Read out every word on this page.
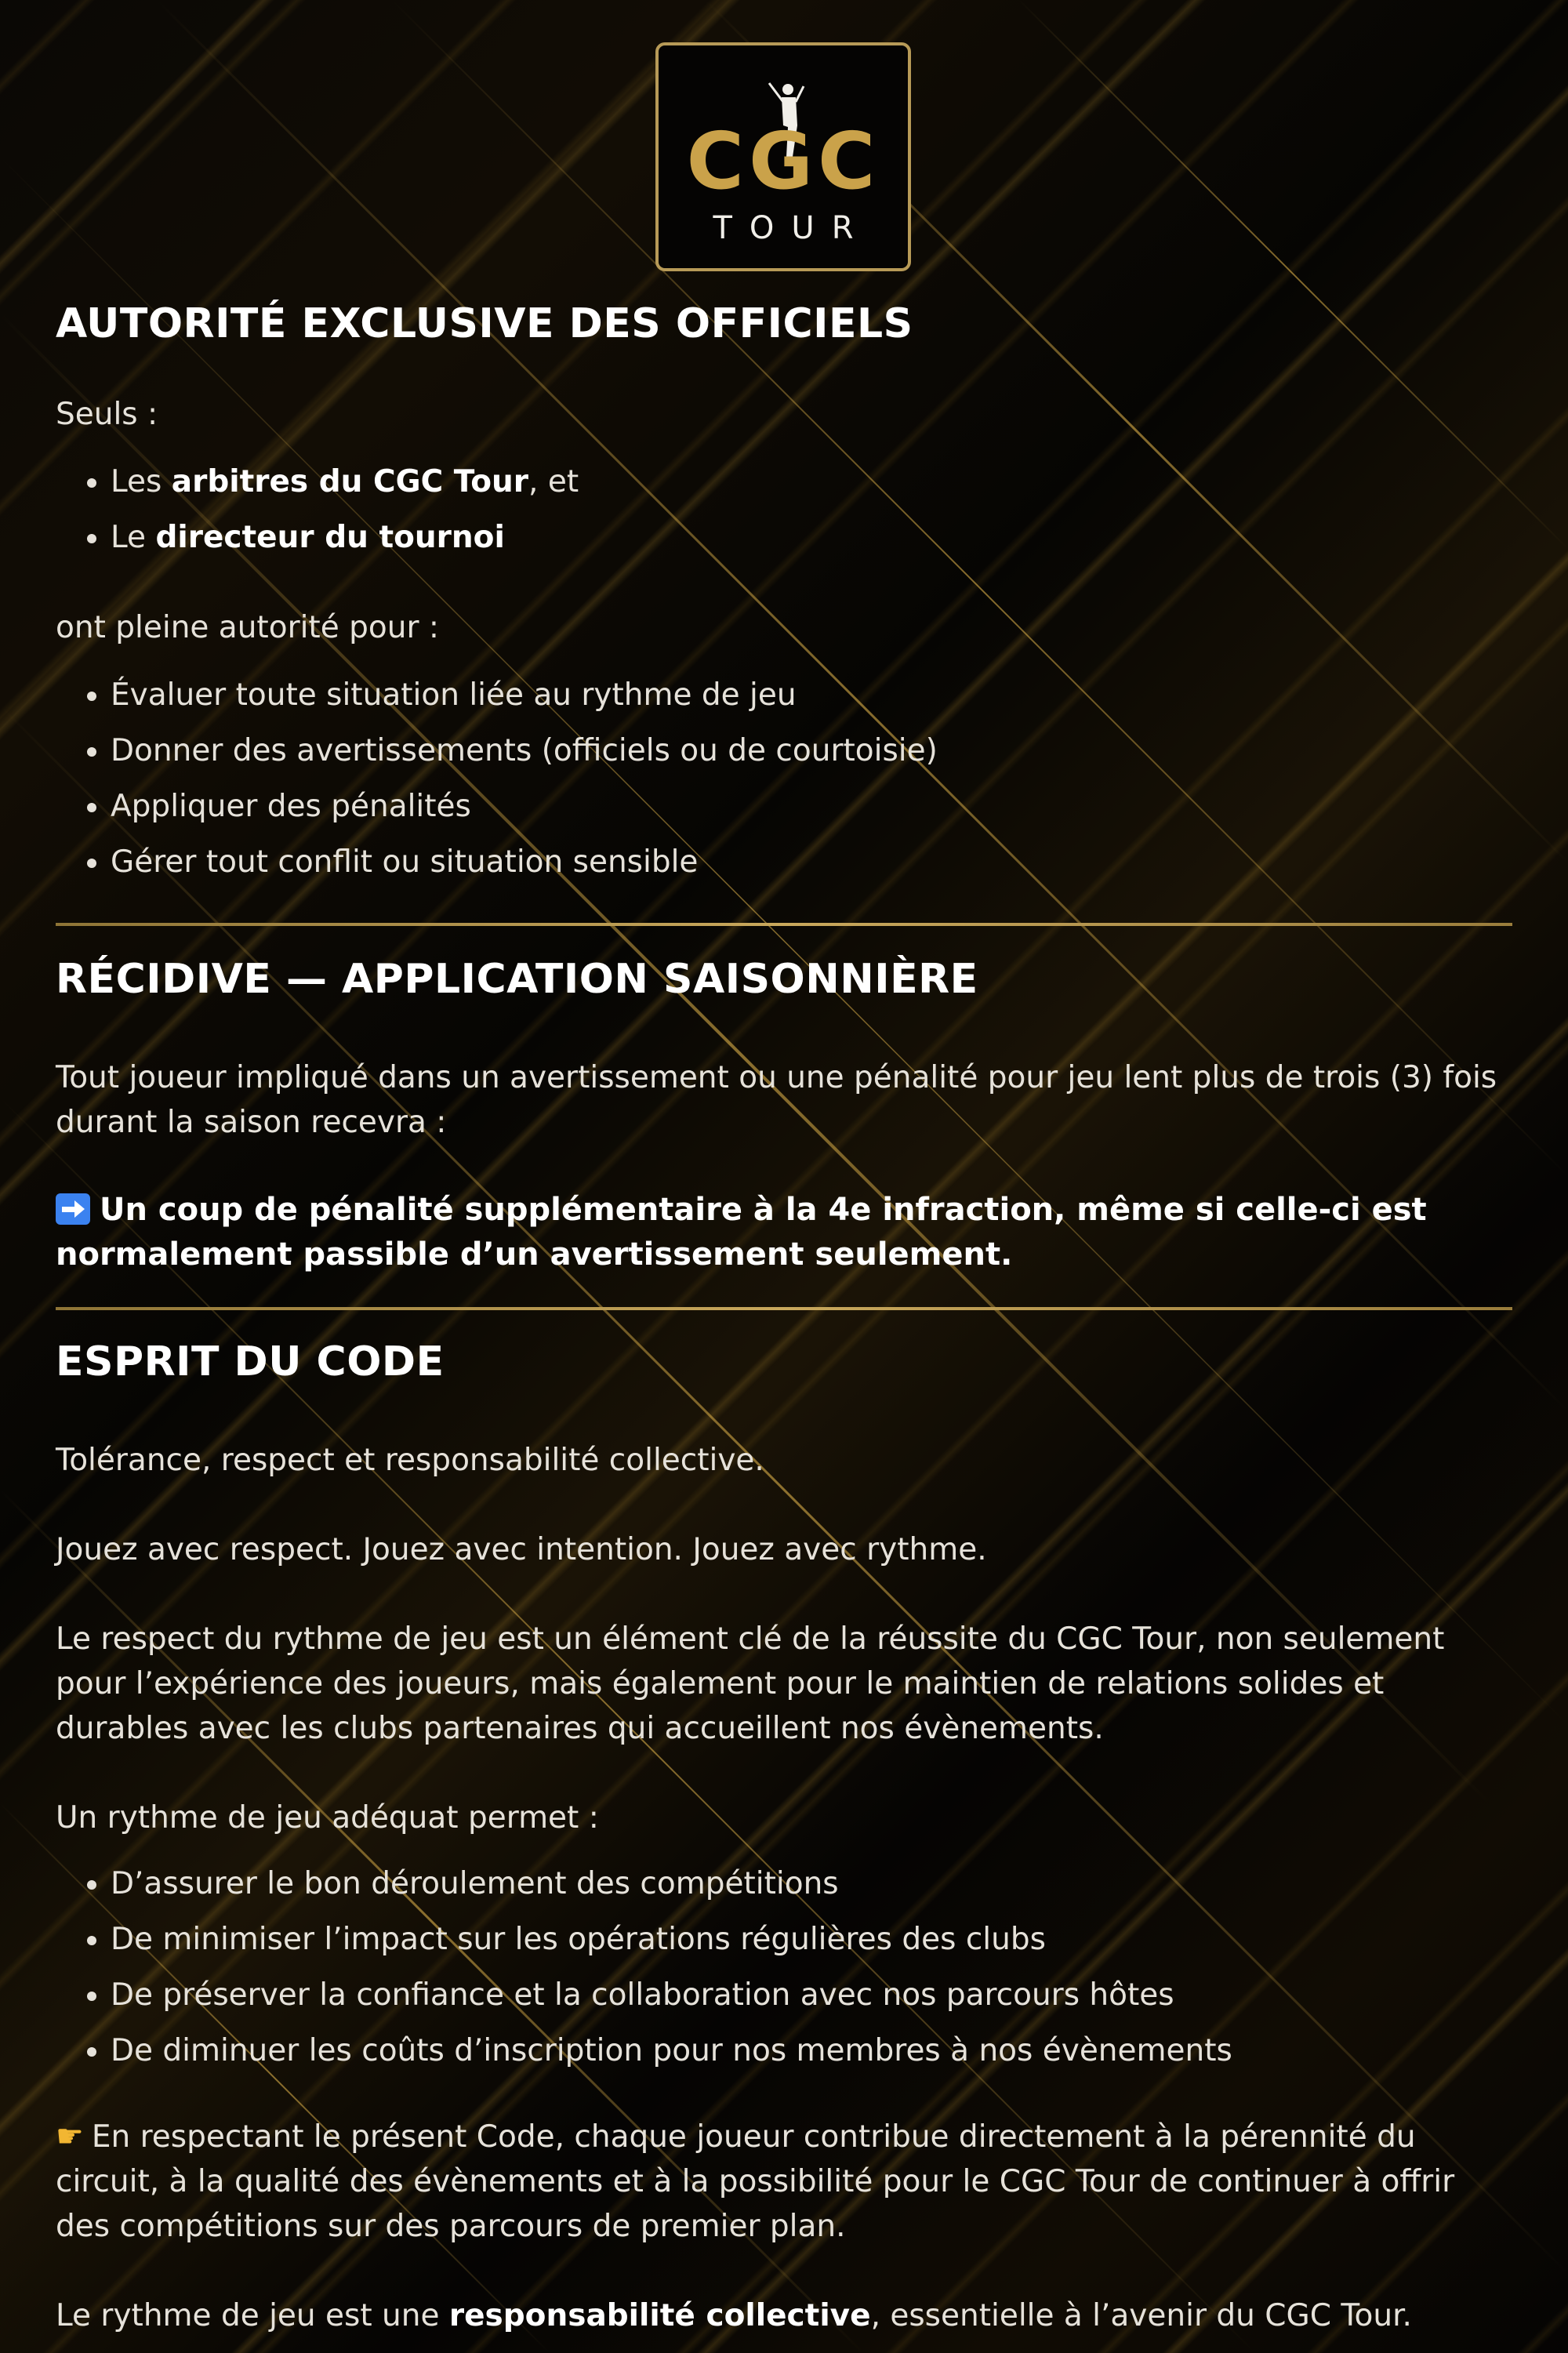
CGC
TOUR
AUTORITÉ EXCLUSIVE DES OFFICIELS

Seuls :

Les arbitres du CGC Tour, et
Le directeur du tournoi

ont pleine autorité pour :

Évaluer toute situation liée au rythme de jeu
Donner des avertissements (officiels ou de courtoisie)
Appliquer des pénalités
Gérer tout conflit ou situation sensible
RÉCIDIVE — APPLICATION SAISONNIÈRE

Tout joueur impliqué dans un avertissement ou une pénalité pour jeu lent plus de trois (3) fois durant la saison recevra :

Un coup de pénalité supplémentaire à la 4e infraction, même si celle-ci est normalement passible d’un avertissement seulement.

ESPRIT DU CODE

Tolérance, respect et responsabilité collective.

Jouez avec respect. Jouez avec intention. Jouez avec rythme.

Le respect du rythme de jeu est un élément clé de la réussite du CGC Tour, non seulement pour l’expérience des joueurs, mais également pour le maintien de relations solides et durables avec les clubs partenaires qui accueillent nos évènements.

Un rythme de jeu adéquat permet :

D’assurer le bon déroulement des compétitions
De minimiser l’impact sur les opérations régulières des clubs
De préserver la confiance et la collaboration avec nos parcours hôtes
De diminuer les coûts d’inscription pour nos membres à nos évènements

☛ En respectant le présent Code, chaque joueur contribue directement à la pérennité du circuit, à la qualité des évènements et à la possibilité pour le CGC Tour de continuer à offrir des compétitions sur des parcours de premier plan.

Le rythme de jeu est une responsabilité collective, essentielle à l’avenir du CGC Tour.
